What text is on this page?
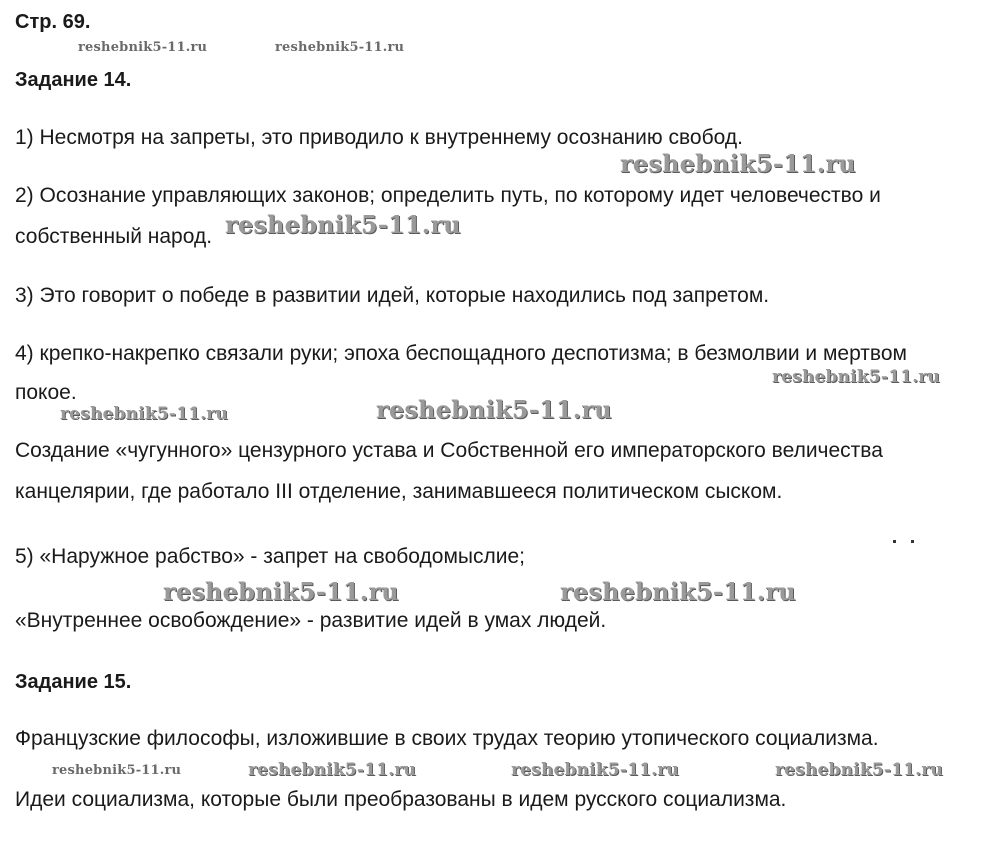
Стр. 69.
Задание 14.
1) Несмотря на запреты, это приводило к внутреннему осознанию свобод.
2) Осознание управляющих законов; определить путь, по которому идет человечество и
собственный народ.
3) Это говорит о победе в развитии идей, которые находились под запретом.
4) крепко-накрепко связали руки; эпоха беспощадного деспотизма; в безмолвии и мертвом
покое.
Создание «чугунного» цензурного устава и Собственной его императорского величества
канцелярии, где работало III отделение, занимавшееся политическом сыском.
5) «Наружное рабство» - запрет на свободомыслие;
«Внутреннее освобождение» - развитие идей в умах людей.
Задание 15.
Французские философы, изложившие в своих трудах теорию утопического социализма.
Идеи социализма, которые были преобразованы в идем русского социализма.
reshebnik5-11.ru	reshebnik5-11.ru
reshebnik5-11.ru
reshebnik5-11.ru
reshebnik5-11.ru
reshebnik5-11.ru	reshebnik5-11.ru
reshebnik5-11.ru	reshebnik5-11.ru
reshebnik5-11.ru	reshebnik5-11.ru	reshebnik5-11.ru	reshebnik5-11.ru
